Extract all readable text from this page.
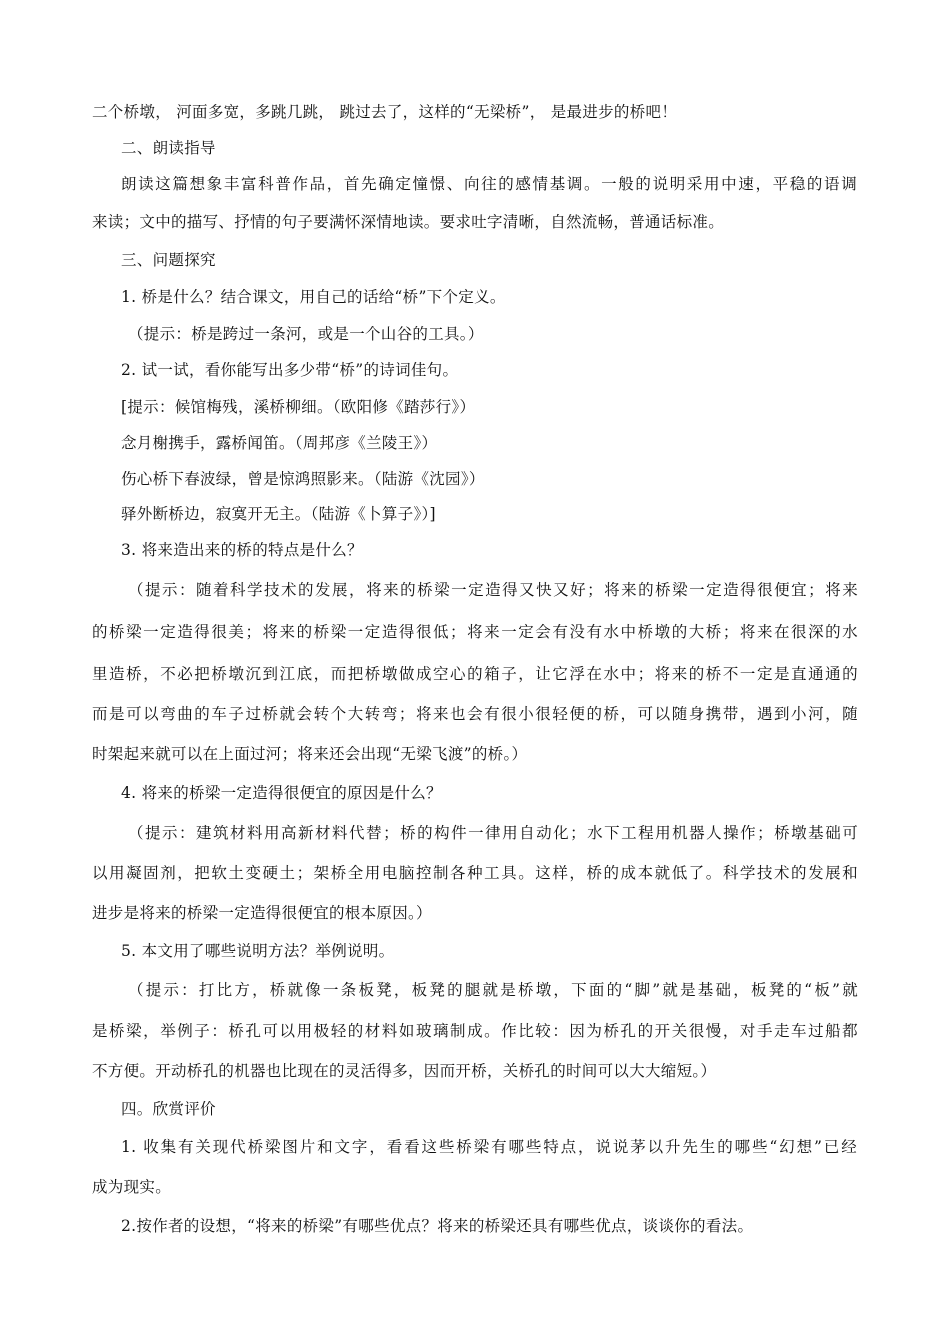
二个桥墩， 河面多宽，多跳几跳， 跳过去了，这样的“无梁桥”， 是最进步的桥吧！
二、朗读指导
朗读这篇想象丰富科普作品，首先确定憧憬、向往的感情基调。一般的说明采用中速，平稳的语调
来读；文中的描写、抒情的句子要满怀深情地读。要求吐字清晰，自然流畅，普通话标准。
三、问题探究
1. 桥是什么？结合课文，用自己的话给“桥”下个定义。
（提示：桥是跨过一条河，或是一个山谷的工具。）
2. 试一试，看你能写出多少带“桥”的诗词佳句。
[提示：候馆梅残，溪桥柳细。（欧阳修《踏莎行》）
念月榭携手，露桥闻笛。（周邦彦《兰陵王》）
伤心桥下春波绿，曾是惊鸿照影来。（陆游《沈园》）
驿外断桥边，寂寞开无主。（陆游《卜算子》）]
3. 将来造出来的桥的特点是什么？
（提示：随着科学技术的发展，将来的桥梁一定造得又快又好；将来的桥梁一定造得很便宜；将来
的桥梁一定造得很美；将来的桥梁一定造得很低；将来一定会有没有水中桥墩的大桥；将来在很深的水
里造桥，不必把桥墩沉到江底，而把桥墩做成空心的箱子，让它浮在水中；将来的桥不一定是直通通的
而是可以弯曲的车子过桥就会转个大转弯；将来也会有很小很轻便的桥，可以随身携带，遇到小河，随
时架起来就可以在上面过河；将来还会出现“无梁飞渡”的桥。）
4. 将来的桥梁一定造得很便宜的原因是什么？
（提示：建筑材料用高新材料代替；桥的构件一律用自动化；水下工程用机器人操作；桥墩基础可
以用凝固剂，把软土变硬土；架桥全用电脑控制各种工具。这样，桥的成本就低了。科学技术的发展和
进步是将来的桥梁一定造得很便宜的根本原因。）
5. 本文用了哪些说明方法？举例说明。
（提示：打比方，桥就像一条板凳，板凳的腿就是桥墩，下面的“脚”就是基础，板凳的“板”就
是桥梁，举例子：桥孔可以用极轻的材料如玻璃制成。作比较：因为桥孔的开关很慢，对手走车过船都
不方便。开动桥孔的机器也比现在的灵活得多，因而开桥，关桥孔的时间可以大大缩短。）
四。欣赏评价
1. 收集有关现代桥梁图片和文字，看看这些桥梁有哪些特点，说说茅以升先生的哪些“幻想”已经
成为现实。
2.按作者的设想，“将来的桥梁”有哪些优点？将来的桥梁还具有哪些优点，谈谈你的看法。
